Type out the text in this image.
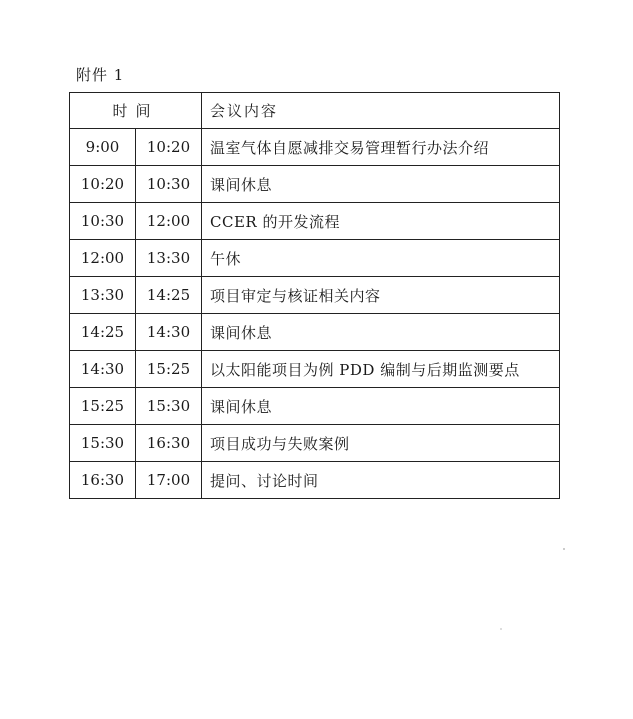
附件 1
时间		会议内容
9:00	10:20	温室气体自愿减排交易管理暂行办法介绍
10:20	10:30	课间休息
10:30	12:00	CCER 的开发流程
12:00	13:30	午休
13:30	14:25	项目审定与核证相关内容
14:25	14:30	课间休息
14:30	15:25	以太阳能项目为例 PDD 编制与后期监测要点
15:25	15:30	课间休息
15:30	16:30	项目成功与失败案例
16:30	17:00	提问、讨论时间
